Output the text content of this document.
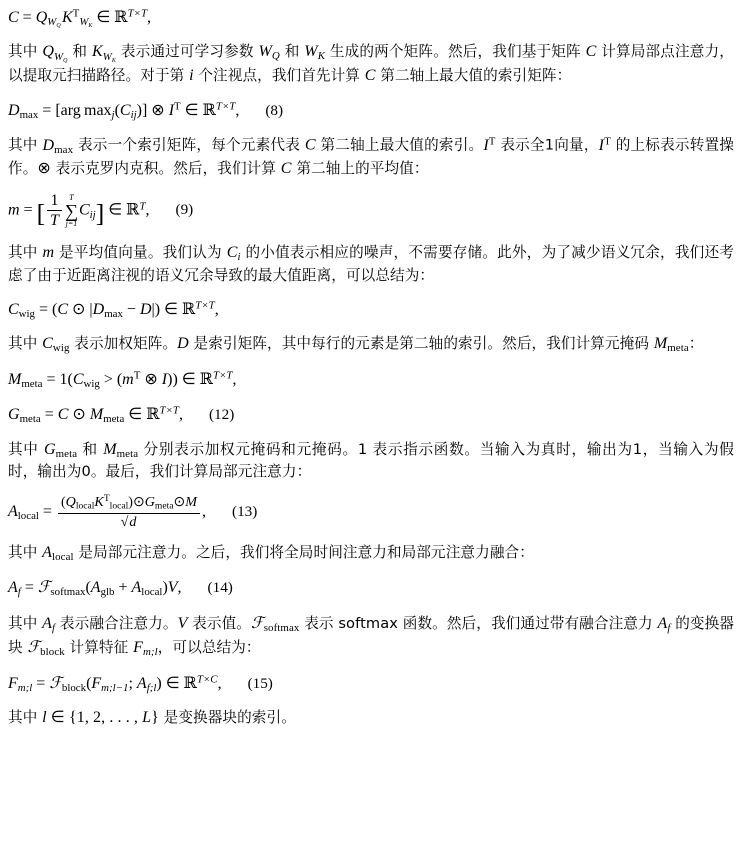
C = QWQ $K^TWK$ ∈ ℝ$^{T\times T}$,
其中 QWQ 和 KWK 表示通过可学习参数 $W_Q$ 和 $W_K$ 生成的两个矩阵。然后，我们基于矩阵 C 计算局部点注意力，以提取元扫描路径。对于第 i 个注视点，我们首先计算 C 第二轴上最大值的索引矩阵：
Dmax = [arg $\max_j(C_{ij})$] ⊗ $I^T$ ∈ ℝ$^{T\times T}$, (8)
其中 Dmax 表示一个索引矩阵，每个元素代表 C 第二轴上最大值的索引。$I^T$ 表示全1向量，$I^T$ 的上标表示转置操作。⊗ 表示克罗内克积。然后，我们计算 C 第二轴上的平均值：
m = [ $\frac{1}{T}$ T
∑
j=1
$C_{ij}$] ∈ ℝ$^T$, (9)
其中 m 是平均值向量。我们认为 $C_i$ 的小值表示相应的噪声，不需要存储。此外，为了减少语义冗余，我们还考虑了由于近距离注视的语义冗余导致的最大值距离，可以总结为：
Cwig = (C ⊙ |Dmax − D|) ∈ ℝ$^{T\times T}$,
其中 Cwig 表示加权矩阵。D 是索引矩阵，其中每行的元素是第二轴的索引。然后，我们计算元掩码 Mmeta：
Mmeta = 1(Cwig > ($m^T$ ⊗ I)) ∈ ℝ$^{T\times T}$,
Gmeta = C ⊙ Mmeta ∈ ℝ$^{T\times T}$, (12)
其中 Gmeta 和 Mmeta 分别表示加权元掩码和元掩码。1 表示指示函数。当输入为真时，输出为1，当输入为假时，输出为0。最后，我们计算局部元注意力：
Alocal = $\frac{(QlocalK^Tlocal)⊙Gmeta⊙M}{√d}$ , (13)
其中 Alocal 是局部元注意力。之后，我们将全局时间注意力和局部元注意力融合：
$A_f$ = ℱsoftmax(Aglb + Alocal)V, (14)
其中 $A_f$ 表示融合注意力。V 表示值。ℱsoftmax 表示 softmax 函数。然后，我们通过带有融合注意力 $A_f$ 的变换器块 ℱblock 计算特征 $F_{m;l}$，可以总结为：
$F_{m;l}$ = $ℱblock(F_{m;l-1}$; $A_{f;l}$) ∈ ℝ$^{T\times C}$, (15)
其中 l ∈ {1, 2, . . . , L} 是变换器块的索引。
